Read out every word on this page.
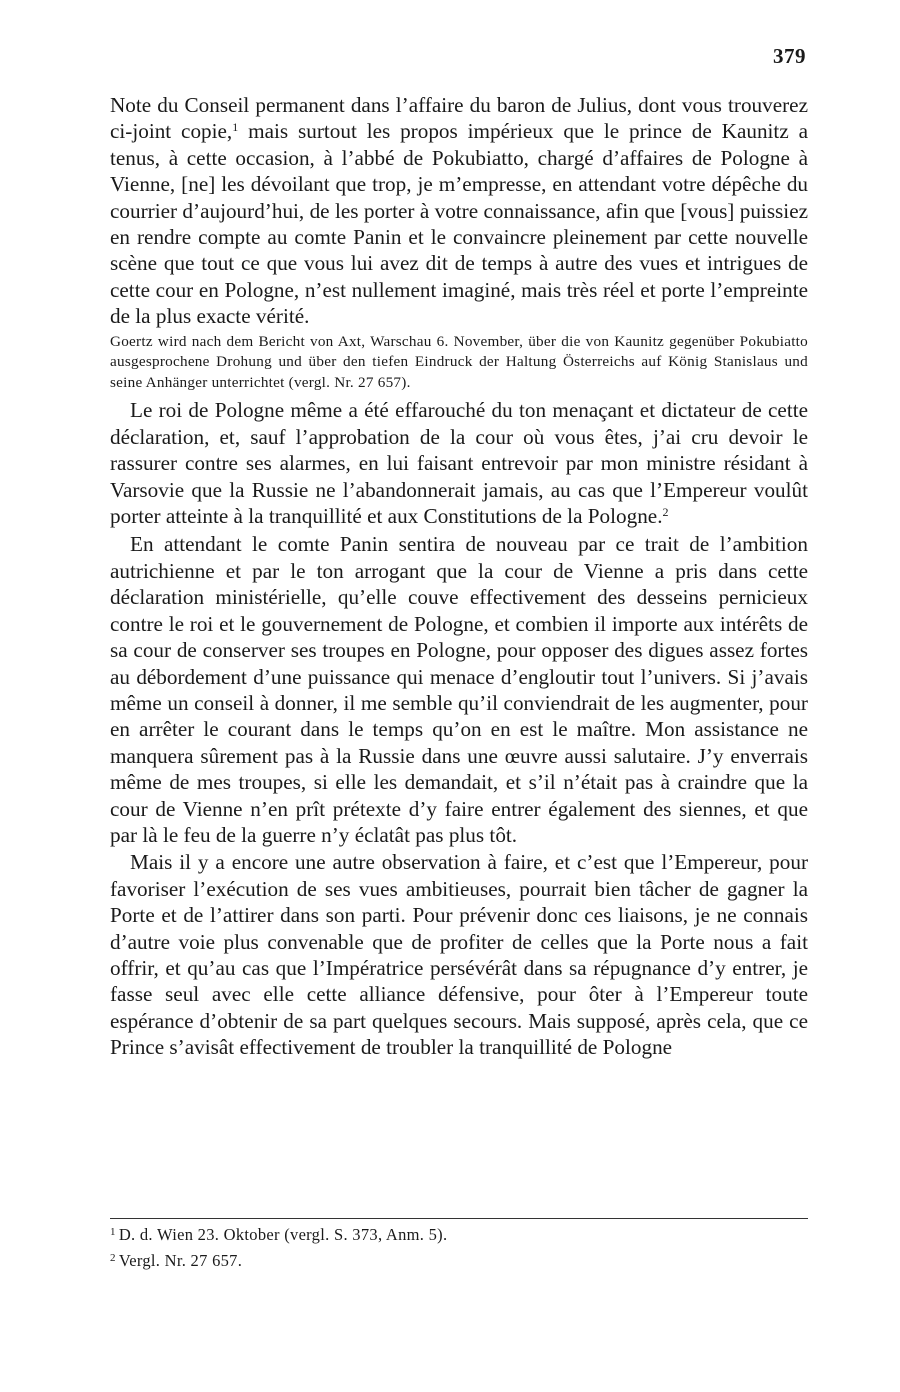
379

Note du Conseil permanent dans l’affaire du baron de Julius, dont vous trouverez ci-joint copie,$^1$ mais surtout les propos impérieux que le prince de Kaunitz a tenus, à cette occasion, à l’abbé de Pokubiatto, chargé d’affaires de Pologne à Vienne, [ne] les dévoilant que trop, je m’empresse, en attendant votre dépêche du courrier d’aujourd’hui, de les porter à votre connaissance, afin que [vous] puissiez en rendre compte au comte Panin et le convaincre pleinement par cette nouvelle scène que tout ce que vous lui avez dit de temps à autre des vues et intrigues de cette cour en Pologne, n’est nullement imaginé, mais très réel et porte l’empreinte de la plus exacte vérité.

Goertz wird nach dem Bericht von Axt, Warschau 6. November, über die von Kaunitz gegenüber Pokubiatto ausgesprochene Drohung und über den tiefen Eindruck der Haltung Österreichs auf König Stanislaus und seine Anhänger unterrichtet (vergl. Nr. 27 657).

Le roi de Pologne même a été effarouché du ton menaçant et dictateur de cette déclaration, et, sauf l’approbation de la cour où vous êtes, j’ai cru devoir le rassurer contre ses alarmes, en lui faisant entrevoir par mon ministre résidant à Varsovie que la Russie ne l’abandonnerait jamais, au cas que l’Empereur voulût porter atteinte à la tranquillité et aux Constitutions de la Pologne.$^2$

En attendant le comte Panin sentira de nouveau par ce trait de l’ambition autrichienne et par le ton arrogant que la cour de Vienne a pris dans cette déclaration ministérielle, qu’elle couve effectivement des desseins pernicieux contre le roi et le gouvernement de Pologne, et combien il importe aux intérêts de sa cour de conserver ses troupes en Pologne, pour opposer des digues assez fortes au débordement d’une puissance qui menace d’engloutir tout l’univers. Si j’avais même un conseil à donner, il me semble qu’il conviendrait de les augmenter, pour en arrêter le courant dans le temps qu’on en est le maître. Mon assistance ne manquera sûrement pas à la Russie dans une œuvre aussi salutaire. J’y enverrais même de mes troupes, si elle les demandait, et s’il n’était pas à craindre que la cour de Vienne n’en prît prétexte d’y faire entrer également des siennes, et que par là le feu de la guerre n’y éclatât pas plus tôt.

Mais il y a encore une autre observation à faire, et c’est que l’Empereur, pour favoriser l’exécution de ses vues ambitieuses, pourrait bien tâcher de gagner la Porte et de l’attirer dans son parti. Pour prévenir donc ces liaisons, je ne connais d’autre voie plus convenable que de profiter de celles que la Porte nous a fait offrir, et qu’au cas que l’Impératrice persévérât dans sa répugnance d’y entrer, je fasse seul avec elle cette alliance défensive, pour ôter à l’Empereur toute espérance d’obtenir de sa part quelques secours. Mais supposé, après cela, que ce Prince s’avisât effectivement de troubler la tranquillité de Pologne

$^1$ D. d. Wien 23. Oktober (vergl. S. 373, Anm. 5).
$^2$ Vergl. Nr. 27 657.
